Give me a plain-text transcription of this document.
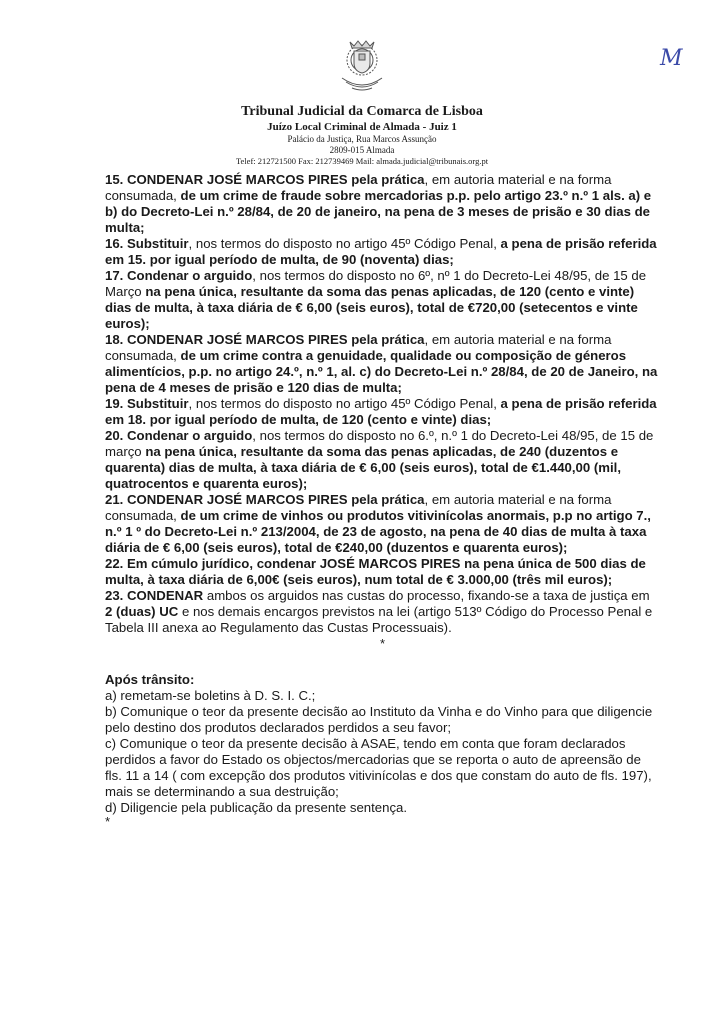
M
Tribunal Judicial da Comarca de Lisboa
Juízo Local Criminal de Almada - Juiz 1
Palácio da Justiça, Rua Marcos Assunção
2809-015 Almada
Telef: 212721500 Fax: 212739469 Mail: almada.judicial@tribunais.org.pt

15. CONDENAR JOSÉ MARCOS PIRES pela prática, em autoria material e na forma consumada, de um crime de fraude sobre mercadorias p.p. pelo artigo 23.º n.º 1 als. a) e b) do Decreto-Lei n.º 28/84, de 20 de janeiro, na pena de 3 meses de prisão e 30 dias de multa;

16. Substituir, nos termos do disposto no artigo 45º Código Penal, a pena de prisão referida em 15. por igual período de multa, de 90 (noventa) dias;

17. Condenar o arguido, nos termos do disposto no 6º, nº 1 do Decreto-Lei 48/95, de 15 de Março na pena única, resultante da soma das penas aplicadas, de 120 (cento e vinte) dias de multa, à taxa diária de € 6,00 (seis euros), total de €720,00 (setecentos e vinte euros);

18. CONDENAR JOSÉ MARCOS PIRES pela prática, em autoria material e na forma consumada, de um crime contra a genuidade, qualidade ou composição de géneros alimentícios, p.p. no artigo 24.º, n.º 1, al. c) do Decreto-Lei n.º 28/84, de 20 de Janeiro, na pena de 4 meses de prisão e 120 dias de multa;

19. Substituir, nos termos do disposto no artigo 45º Código Penal, a pena de prisão referida em 18. por igual período de multa, de 120 (cento e vinte) dias;

20. Condenar o arguido, nos termos do disposto no 6.º, n.º 1 do Decreto-Lei 48/95, de 15 de março na pena única, resultante da soma das penas aplicadas, de 240 (duzentos e quarenta) dias de multa, à taxa diária de € 6,00 (seis euros), total de €1.440,00 (mil, quatrocentos e quarenta euros);

21. CONDENAR JOSÉ MARCOS PIRES pela prática, em autoria material e na forma consumada, de um crime de vinhos ou produtos vitivinícolas anormais, p.p no artigo 7., n.º 1 º do Decreto-Lei n.º 213/2004, de 23 de agosto, na pena de 40 dias de multa à taxa diária de € 6,00 (seis euros), total de €240,00 (duzentos e quarenta euros);

22. Em cúmulo jurídico, condenar JOSÉ MARCOS PIRES na pena única de 500 dias de multa, à taxa diária de 6,00€ (seis euros), num total de € 3.000,00 (três mil euros);

23. CONDENAR ambos os arguidos nas custas do processo, fixando-se a taxa de justiça em 2 (duas) UC e nos demais encargos previstos na lei (artigo 513º Código do Processo Penal e Tabela III anexa ao Regulamento das Custas Processuais).

*

Após trânsito:

a) remetam-se boletins à D. S. I. C.;

b) Comunique o teor da presente decisão ao Instituto da Vinha e do Vinho para que diligencie pelo destino dos produtos declarados perdidos a seu favor;

c) Comunique o teor da presente decisão à ASAE, tendo em conta que foram declarados perdidos a favor do Estado os objectos/mercadorias que se reporta o auto de apreensão de fls. 11 a 14 ( com excepção dos produtos vitivinícolas e dos que constam do auto de fls. 197), mais se determinando a sua destruição;

d) Diligencie pela publicação da presente sentença.

*
